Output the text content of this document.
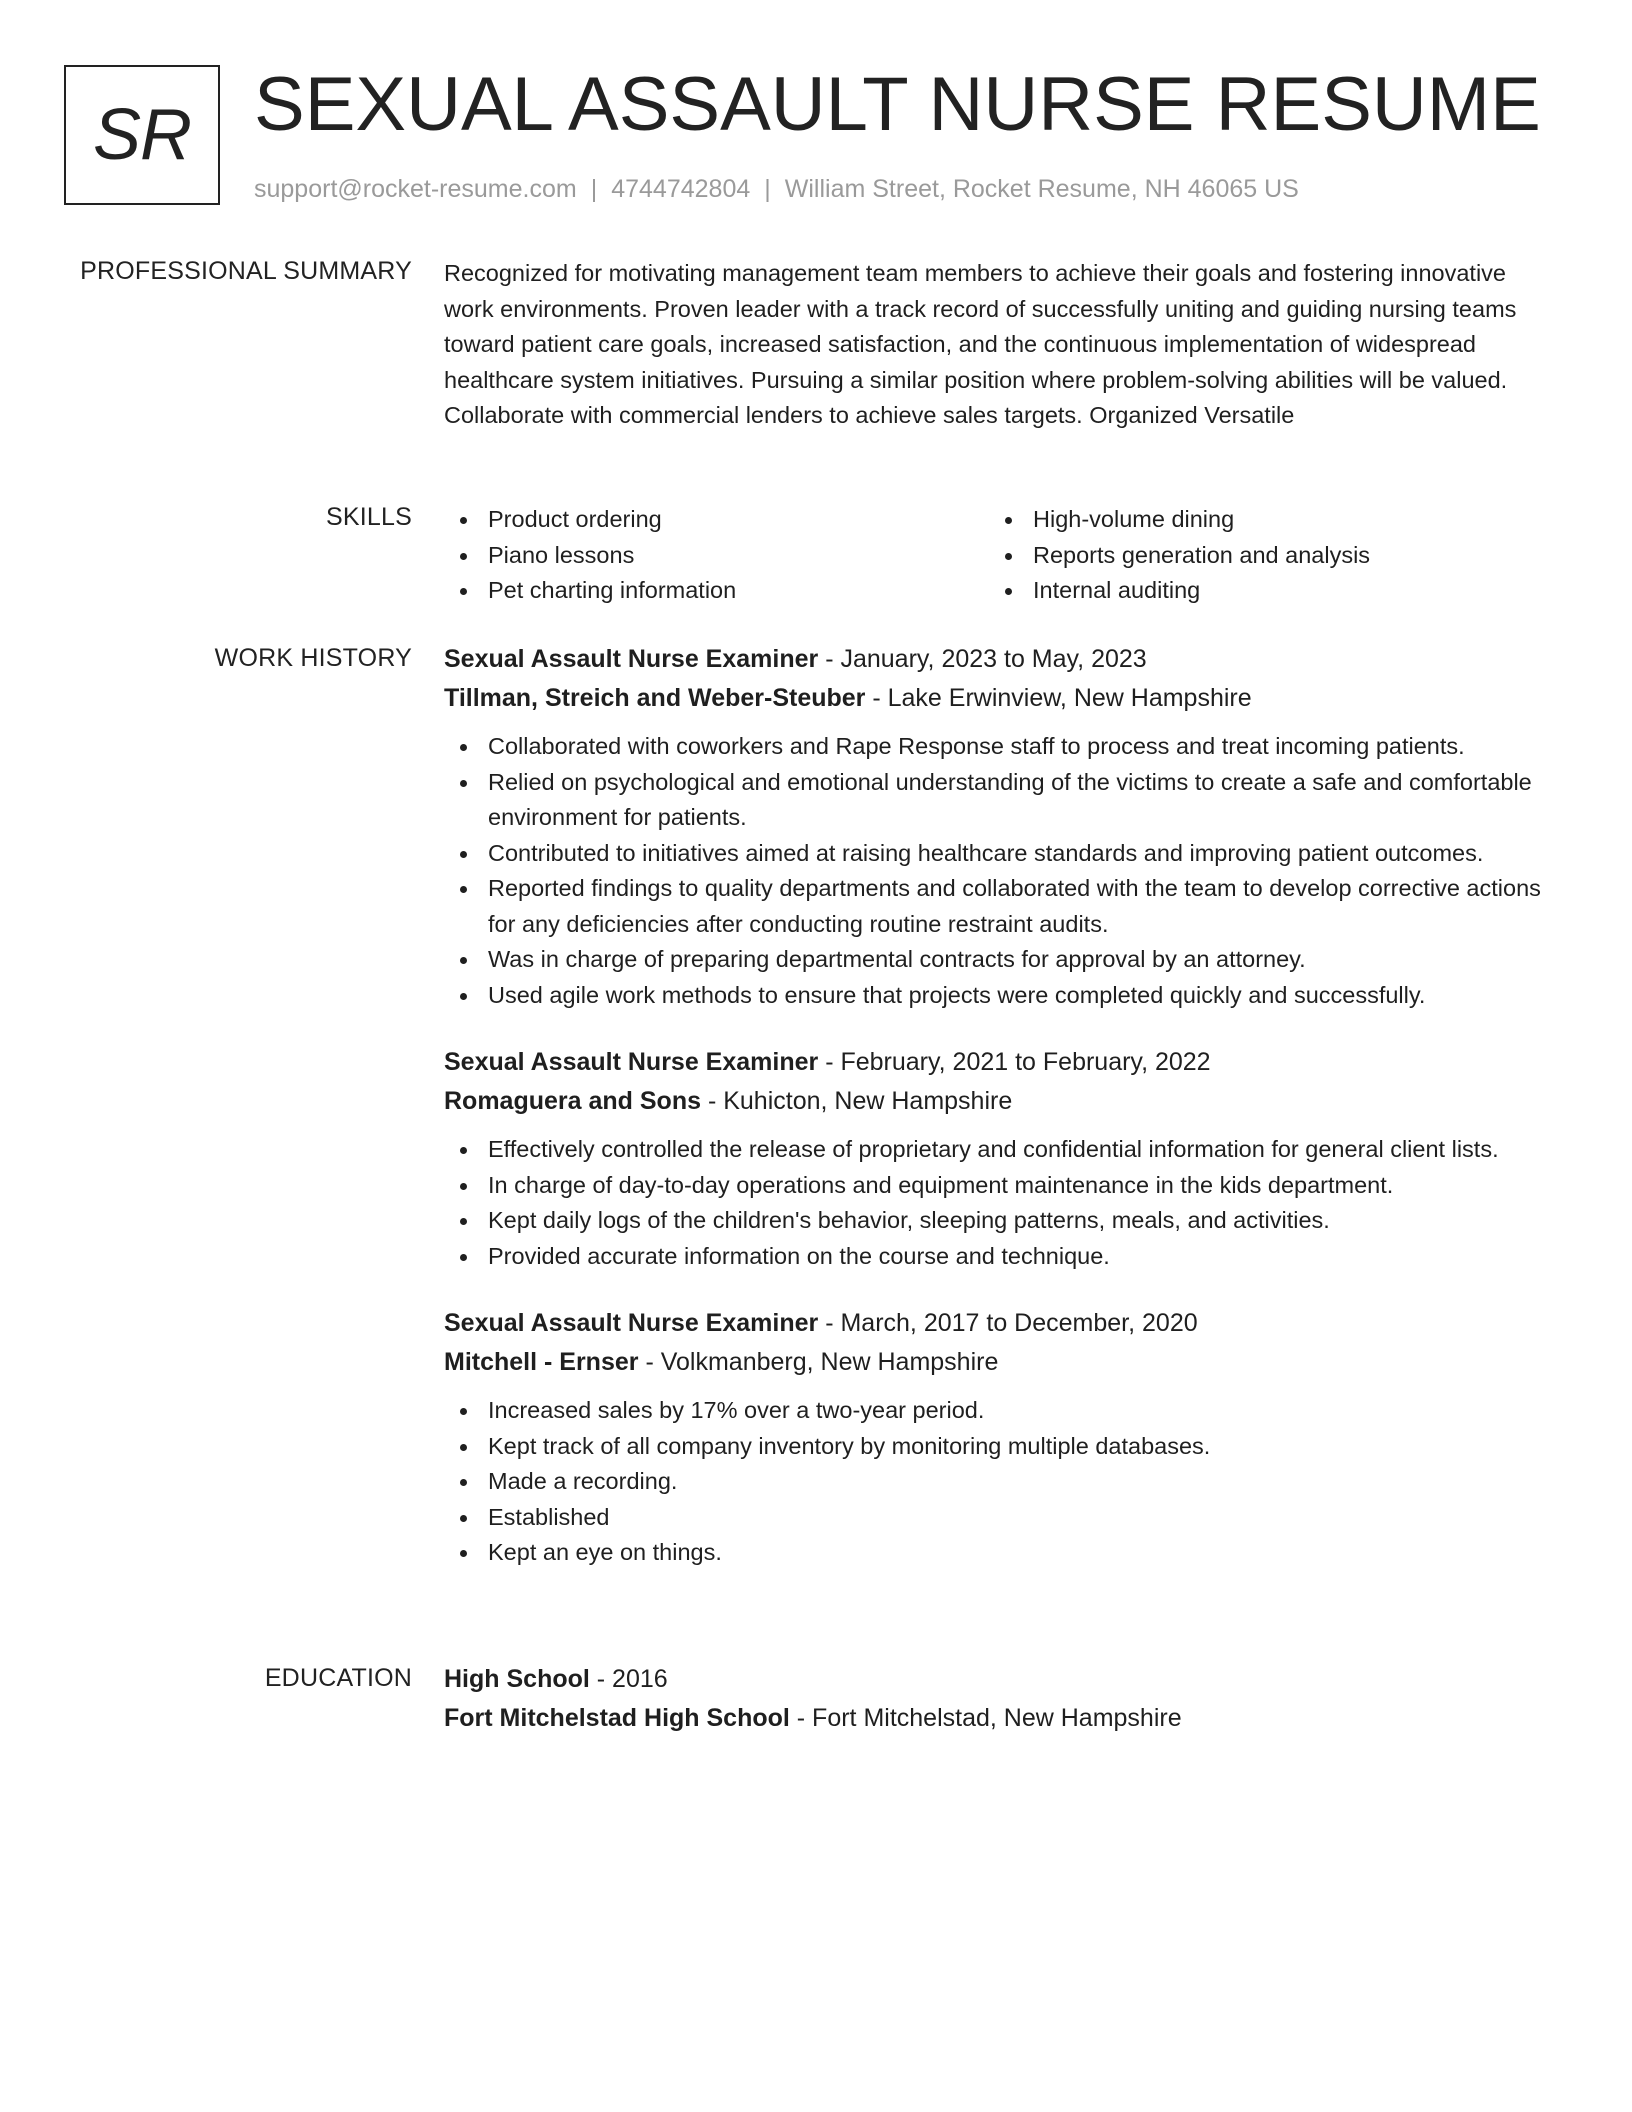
SR SEXUAL ASSAULT NURSE RESUME
support@rocket-resume.com | 4744742804 | William Street, Rocket Resume, NH 46065 US
PROFESSIONAL SUMMARY Recognized for motivating management team members to achieve their goals and fostering innovative work environments. Proven leader with a track record of successfully uniting and guiding nursing teams toward patient care goals, increased satisfaction, and the continuous implementation of widespread healthcare system initiatives. Pursuing a similar position where problem-solving abilities will be valued. Collaborate with commercial lenders to achieve sales targets. Organized Versatile

SKILLS	Product ordering
Piano lessons
Pet charting information
High-volume dining
Reports generation and analysis
Internal auditing
WORK HISTORY Sexual Assault Nurse Examiner - January, 2023 to May, 2023
Tillman, Streich and Weber-Steuber - Lake Erwinview, New Hampshire
Collaborated with coworkers and Rape Response staff to process and treat incoming patients.
Relied on psychological and emotional understanding of the victims to create a safe and comfortable environment for patients.
Contributed to initiatives aimed at raising healthcare standards and improving patient outcomes.
Reported findings to quality departments and collaborated with the team to develop corrective actions for any deficiencies after conducting routine restraint audits.
Was in charge of preparing departmental contracts for approval by an attorney.
Used agile work methods to ensure that projects were completed quickly and successfully.
Sexual Assault Nurse Examiner - February, 2021 to February, 2022
Romaguera and Sons - Kuhicton, New Hampshire
Effectively controlled the release of proprietary and confidential information for general client lists.
In charge of day-to-day operations and equipment maintenance in the kids department.
Kept daily logs of the children's behavior, sleeping patterns, meals, and activities.
Provided accurate information on the course and technique.
Sexual Assault Nurse Examiner - March, 2017 to December, 2020
Mitchell - Ernser - Volkmanberg, New Hampshire
Increased sales by 17% over a two-year period.
Kept track of all company inventory by monitoring multiple databases.
Made a recording.
Established
Kept an eye on things.
EDUCATION High School - 2016
Fort Mitchelstad High School - Fort Mitchelstad, New Hampshire
